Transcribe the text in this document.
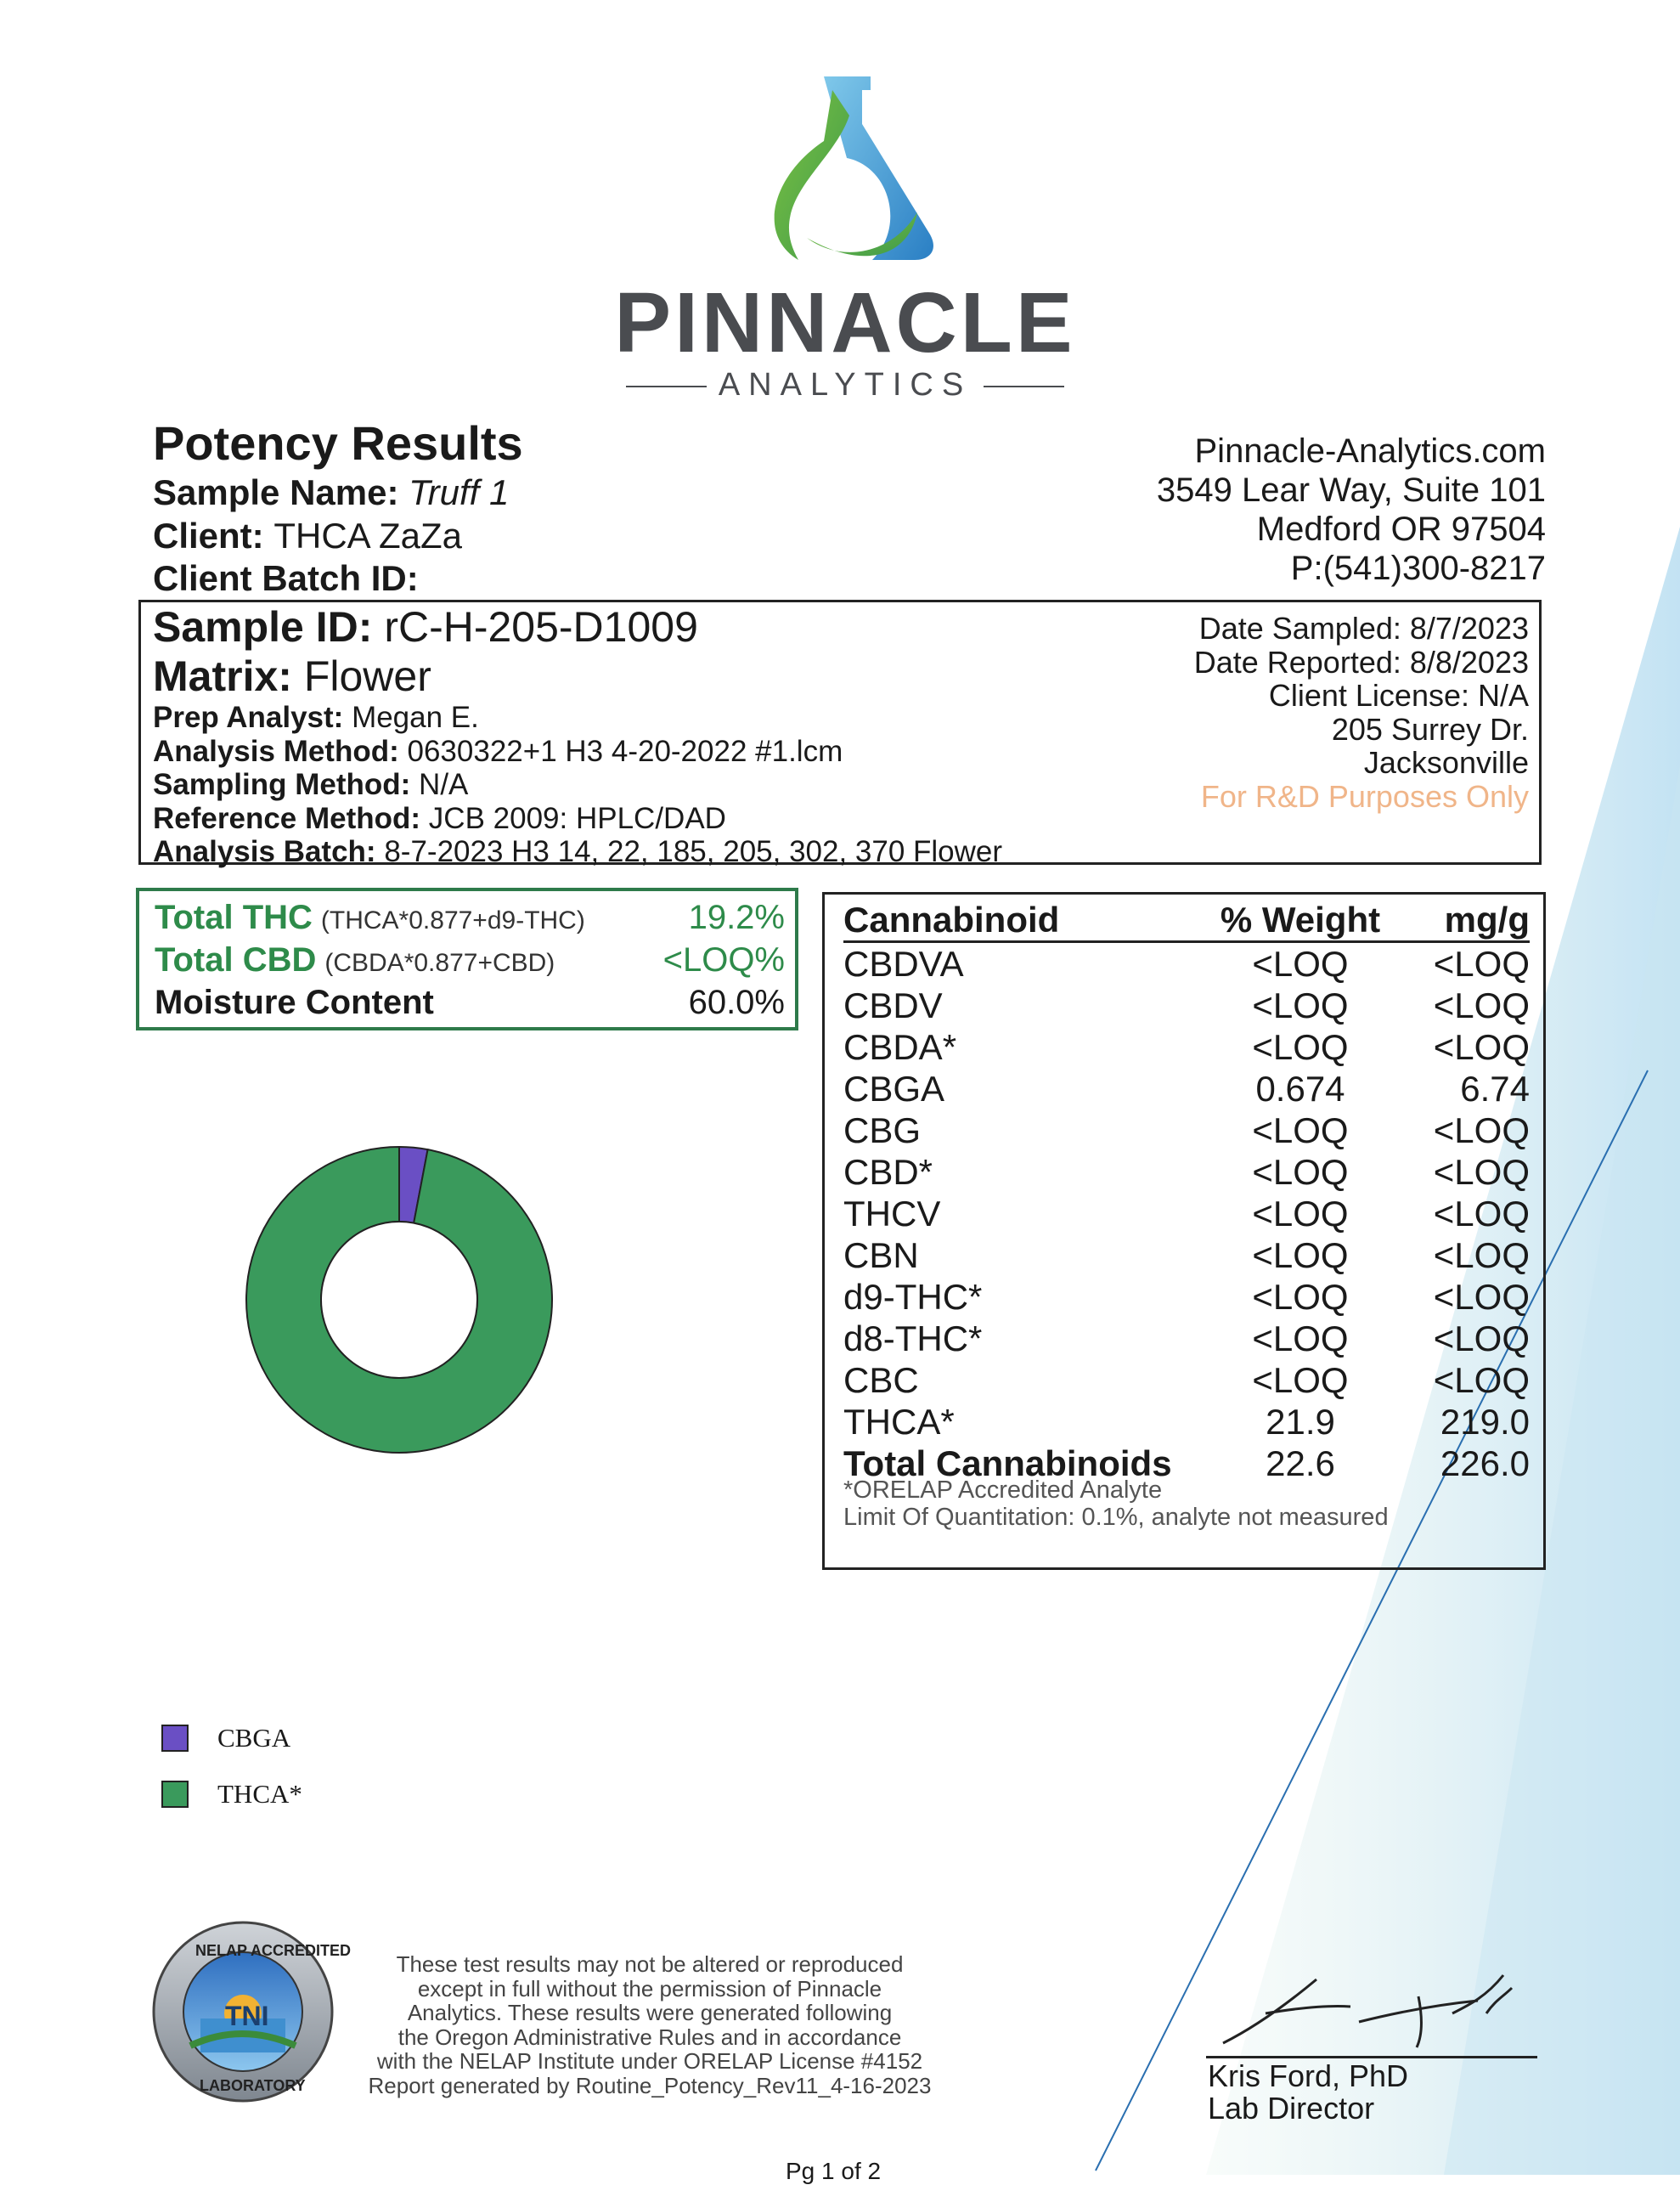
PINNACLE
ANALYTICS
Potency Results
Sample Name: Truff 1
Client: THCA ZaZa
Client Batch ID:
Pinnacle-Analytics.com
3549 Lear Way, Suite 101
Medford OR 97504
P:(541)300-8217
Sample ID: rC-H-205-D1009
Matrix: Flower
Prep Analyst: Megan E.
Analysis Method: 0630322+1 H3 4-20-2022 #1.lcm
Sampling Method: N/A
Reference Method: JCB 2009: HPLC/DAD
Analysis Batch: 8-7-2023 H3 14, 22, 185, 205, 302, 370 Flower
Date Sampled: 8/7/2023
Date Reported: 8/8/2023
Client License: N/A
205 Surrey Dr.
Jacksonville
For R&D Purposes Only
Total THC (THCA*0.877+d9-THC)	19.2%
Total CBD (CBDA*0.877+CBD)	<LOQ%
Moisture Content	60.0%
Cannabinoid	% Weight	mg/g
CBDVA	<LOQ	<LOQ
CBDV	<LOQ	<LOQ
CBDA*	<LOQ	<LOQ
CBGA	0.674	6.74
CBG	<LOQ	<LOQ
CBD*	<LOQ	<LOQ
THCV	<LOQ	<LOQ
CBN	<LOQ	<LOQ
d9-THC*	<LOQ	<LOQ
d8-THC*	<LOQ	<LOQ
CBC	<LOQ	<LOQ
THCA*	21.9	219.0
Total Cannabinoids	22.6	226.0
*ORELAP Accredited Analyte
Limit Of Quantitation: 0.1%, analyte not measured
CBGA
THCA*
NELAP ACCREDITED
TNI
LABORATORY
These test results may not be altered or reproduced
except in full without the permission of Pinnacle
Analytics. These results were generated following
the Oregon Administrative Rules and in accordance
with the NELAP Institute under ORELAP License #4152
Report generated by Routine_Potency_Rev11_4-16-2023
Pg 1 of 2
Kris Ford, PhD
Lab Director
